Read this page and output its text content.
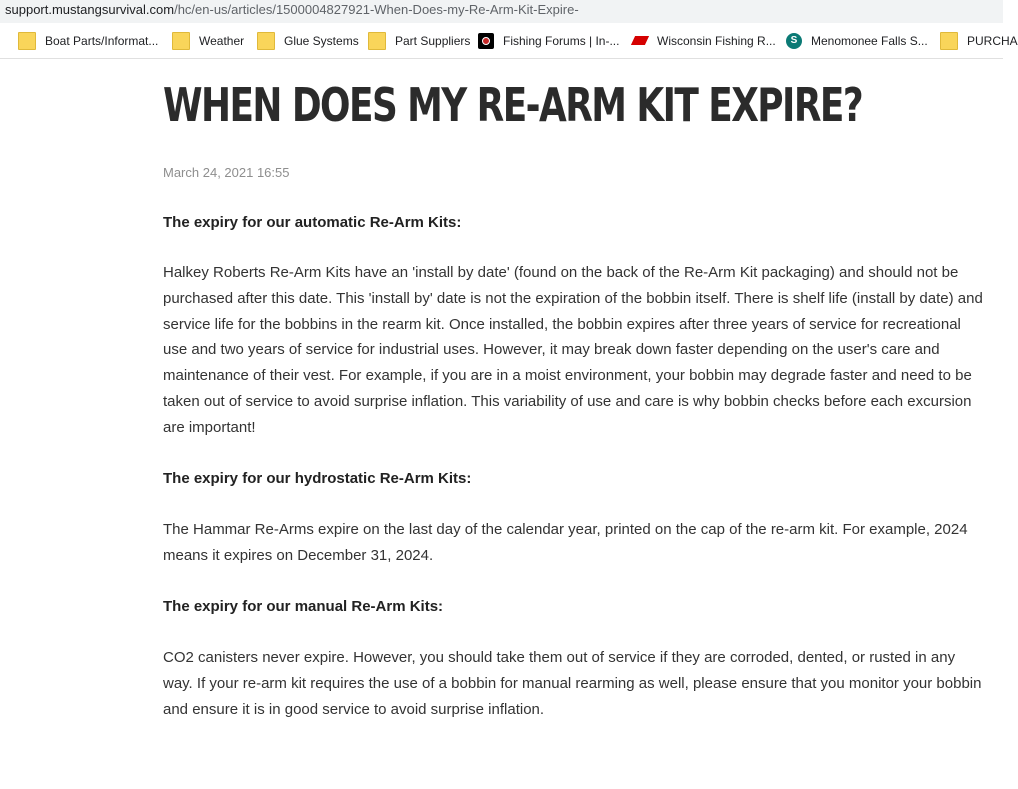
support.mustangsurvival.com/hc/en-us/articles/1500004827921-When-Does-my-Re-Arm-Kit-Expire-
Boat Parts/Informat...	Weather	Glue Systems	Part Suppliers	Fishing Forums | In-...	Wisconsin Fishing R...	S	Menomonee Falls S...	PURCHA
WHEN DOES MY RE-ARM KIT EXPIRE?
March 24, 2021 16:55
The expiry for our automatic Re-Arm Kits:
Halkey Roberts Re-Arm Kits have an 'install by date' (found on the back of the Re-Arm Kit packaging) and should not be purchased after this date. This 'install by' date is not the expiration of the bobbin itself. There is shelf life (install by date) and service life for the bobbins in the rearm kit. Once installed, the bobbin expires after three years of service for recreational use and two years of service for industrial uses. However, it may break down faster depending on the user's care and maintenance of their vest. For example, if you are in a moist environment, your bobbin may degrade faster and need to be taken out of service to avoid surprise inflation. This variability of use and care is why bobbin checks before each excursion are important!
The expiry for our hydrostatic Re-Arm Kits:
The Hammar Re-Arms expire on the last day of the calendar year, printed on the cap of the re-arm kit. For example, 2024 means it expires on December 31, 2024.
The expiry for our manual Re-Arm Kits:
CO2 canisters never expire. However, you should take them out of service if they are corroded, dented, or rusted in any way. If your re-arm kit requires the use of a bobbin for manual rearming as well, please ensure that you monitor your bobbin and ensure it is in good service to avoid surprise inflation.
